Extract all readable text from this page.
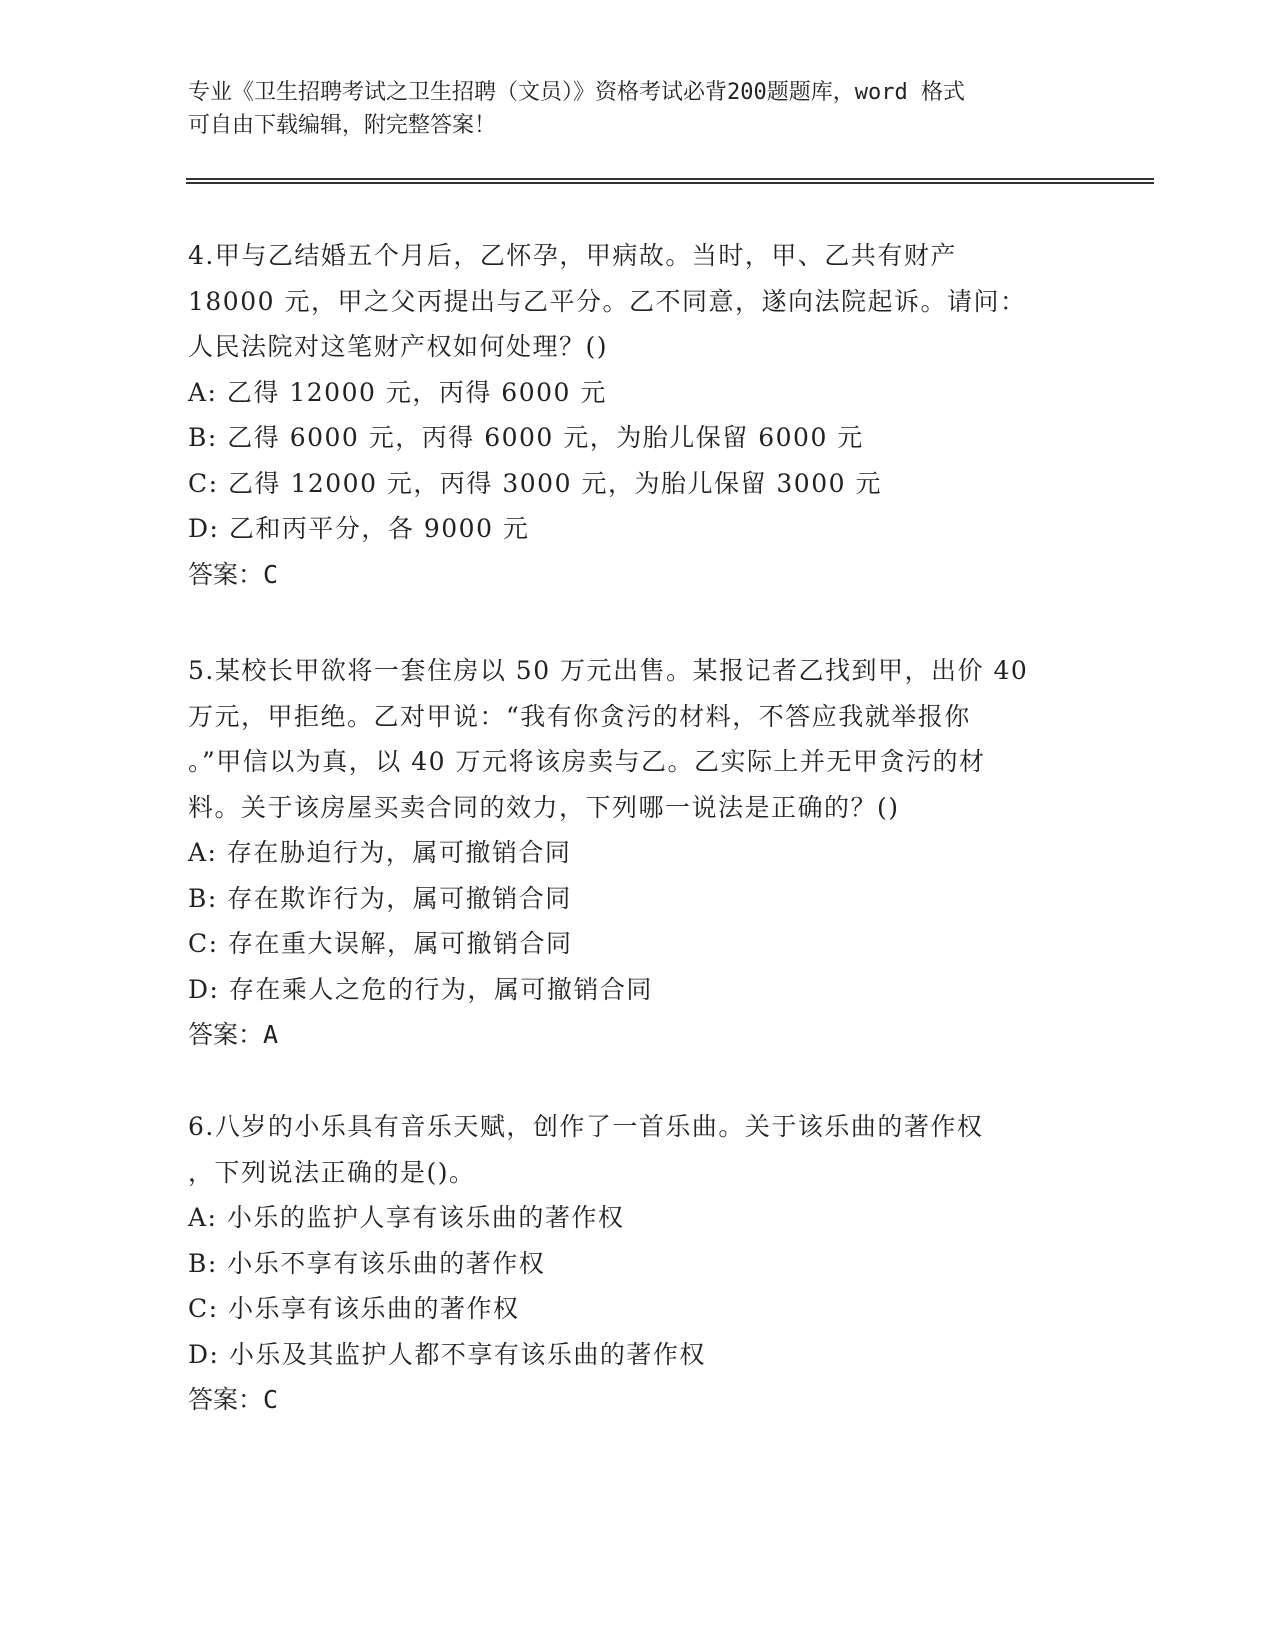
专业《卫生招聘考试之卫生招聘（文员）》资格考试必背200题题库，word 格式
可自由下载编辑，附完整答案！
4.甲与乙结婚五个月后，乙怀孕，甲病故。当时，甲、乙共有财产
18000 元，甲之父丙提出与乙平分。乙不同意，遂向法院起诉。请问：
人民法院对这笔财产权如何处理？()
A: 乙得 12000 元，丙得 6000 元
B: 乙得 6000 元，丙得 6000 元，为胎儿保留 6000 元
C: 乙得 12000 元，丙得 3000 元，为胎儿保留 3000 元
D: 乙和丙平分，各 9000 元
答案：C
5.某校长甲欲将一套住房以 50 万元出售。某报记者乙找到甲，出价 40
万元，甲拒绝。乙对甲说：“我有你贪污的材料，不答应我就举报你
。”甲信以为真，以 40 万元将该房卖与乙。乙实际上并无甲贪污的材
料。关于该房屋买卖合同的效力，下列哪一说法是正确的？()
A: 存在胁迫行为，属可撤销合同
B: 存在欺诈行为，属可撤销合同
C: 存在重大误解，属可撤销合同
D: 存在乘人之危的行为，属可撤销合同
答案：A
6.八岁的小乐具有音乐天赋，创作了一首乐曲。关于该乐曲的著作权
，下列说法正确的是()。
A: 小乐的监护人享有该乐曲的著作权
B: 小乐不享有该乐曲的著作权
C: 小乐享有该乐曲的著作权
D: 小乐及其监护人都不享有该乐曲的著作权
答案：C
